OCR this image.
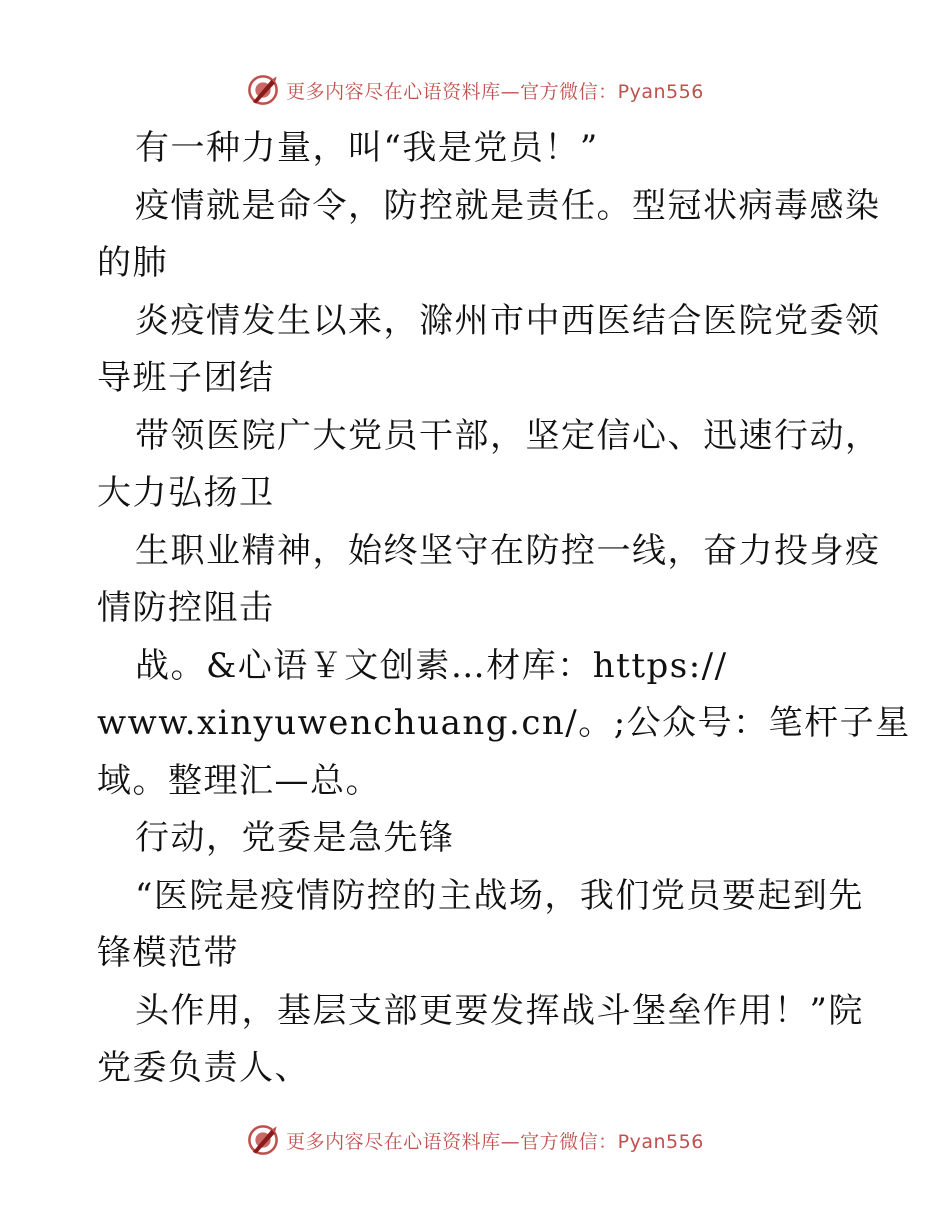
更多内容尽在心语资料库—官方微信：Pyan556

有一种力量，叫“我是党员！”

疫情就是命令，防控就是责任。型冠状病毒感染

的肺

炎疫情发生以来，滁州市中西医结合医院党委领

导班子团结

带领医院广大党员干部，坚定信心、迅速行动，

大力弘扬卫

生职业精神，始终坚守在防控一线，奋力投身疫

情防控阻击

战。&心语￥文创素…材库：https://

www.xinyuwenchuang.cn/。;公众号：笔杆子星

域。整理汇—总。

行动，党委是急先锋

“医院是疫情防控的主战场，我们党员要起到先

锋模范带

头作用，基层支部更要发挥战斗堡垒作用！”院

党委负责人、

更多内容尽在心语资料库—官方微信：Pyan556
